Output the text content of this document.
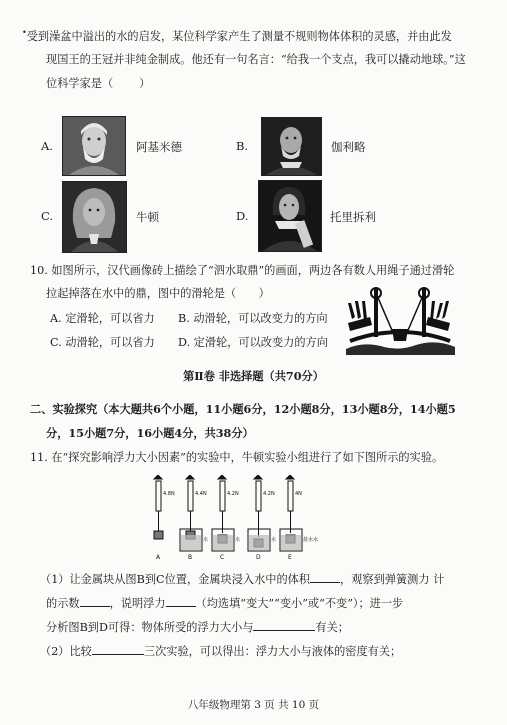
•受到澡盆中溢出的水的启发，某位科学家产生了测量不规则物体体积的灵感，并由此发
现国王的王冠并非纯金制成。他还有一句名言：“给我一个支点，我可以撬动地球。”这
位科学家是（ ）
A.	阿基米德	B.	伽利略
C.	牛顿	D.	托里拆利
10. 如图所示，汉代画像砖上描绘了“泗水取鼎”的画面，两边各有数人用绳子通过滑轮
拉起掉落在水中的鼎，图中的滑轮是（　　）
A. 定滑轮，可以省力 B. 动滑轮，可以改变力的方向
C. 动滑轮，可以省力 D. 定滑轮，可以改变力的方向
第Ⅱ卷 非选择题（共70分）
二、实验探究（本大题共6个小题，11小题6分，12小题8分，13小题8分，14小题5
分，15小题7分，16小题4分，共38分）
11. 在“探究影响浮力大小因素”的实验中，牛顿实验小组进行了如下图所示的实验。
4.8N	4.4N	4.2N	4.2N	4N
水	水	水	盐水水
A	B	C	D	E
（1）让金属块从图B到C位置，金属块浸入水中的体积	，观察到弹簧测力 计
的示数	，说明浮力	（均选填“变大”“变小”或“不变”）；进一步
分析图B到D可得：物体所受的浮力大小与	有关；
（2）比较	三次实验，可以得出：浮力大小与液体的密度有关；
八年级物理第 3 页 共 10 页
